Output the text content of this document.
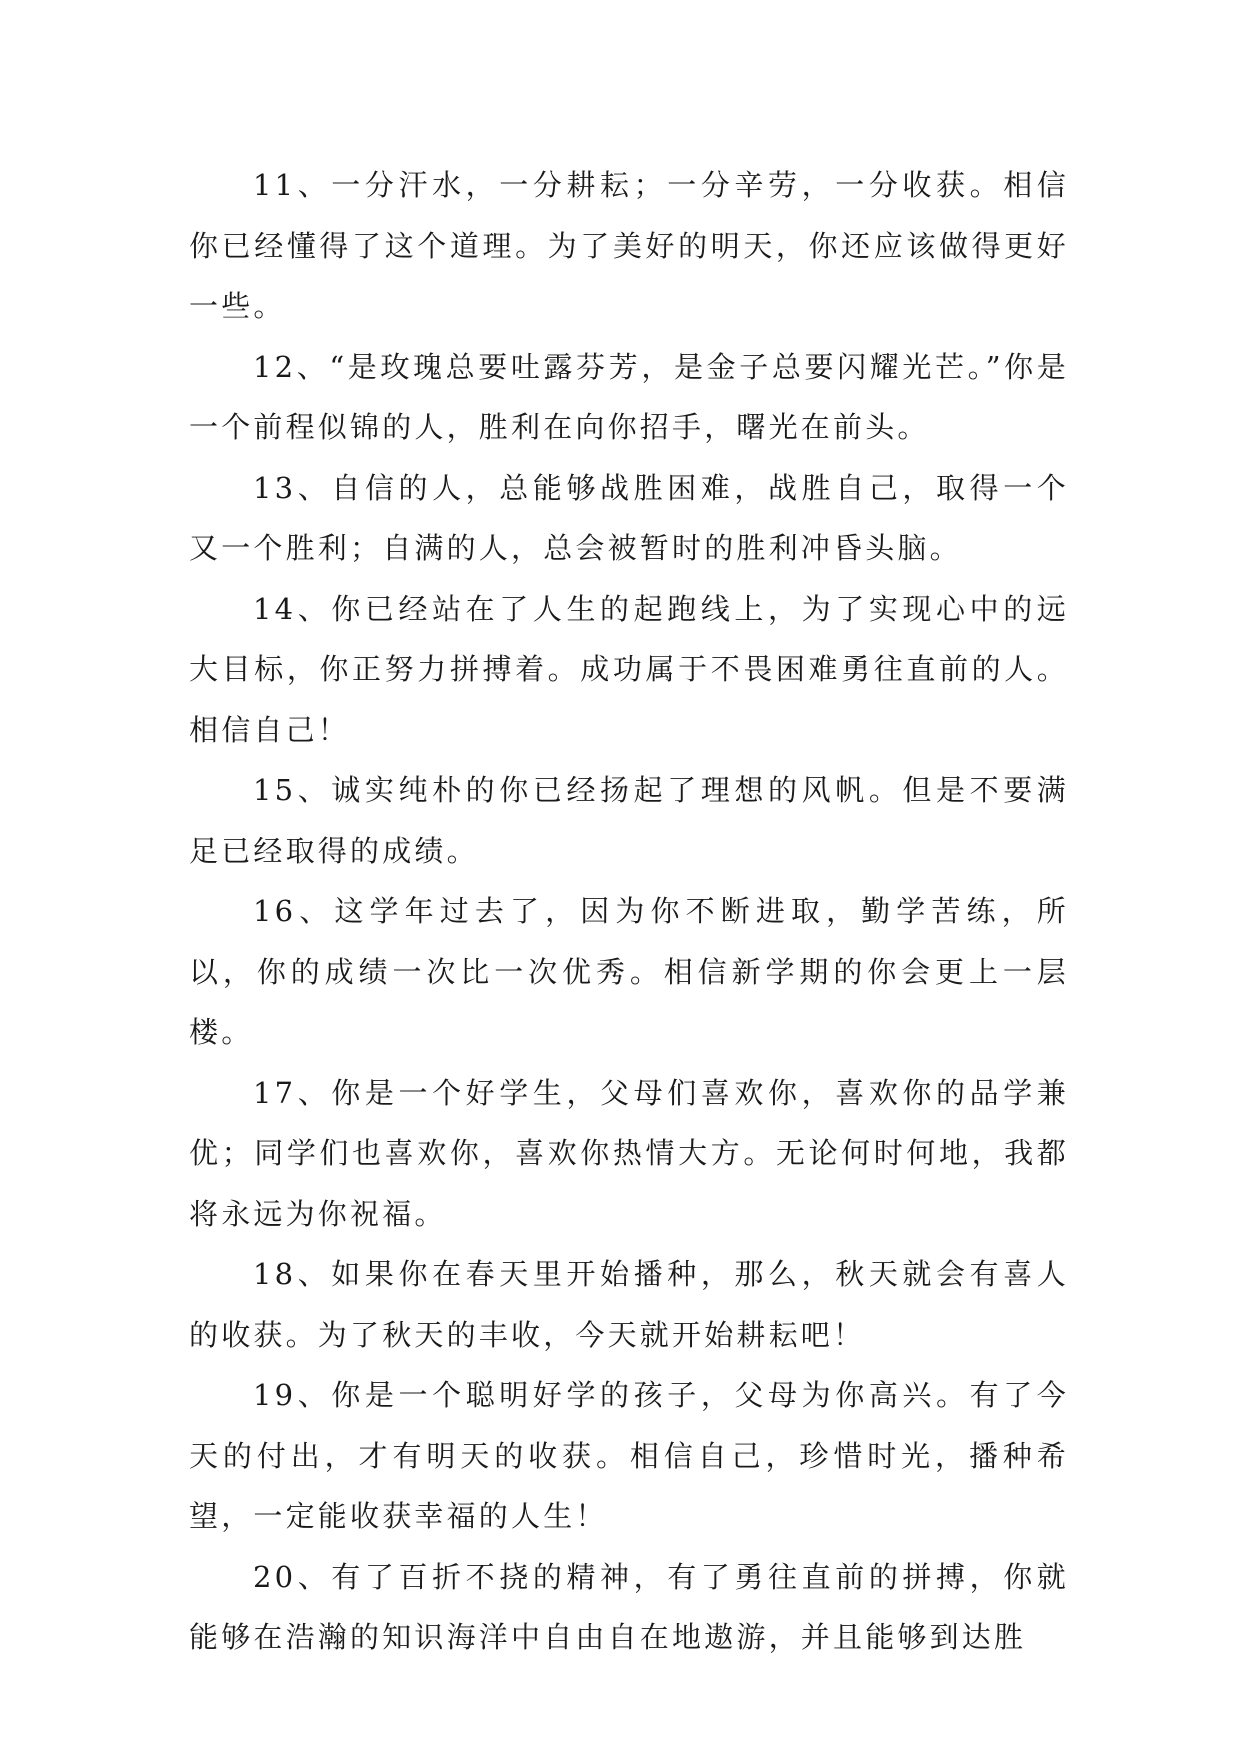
11、一分汗水，一分耕耘；一分辛劳，一分收获。相信你已经懂得了这个道理。为了美好的明天，你还应该做得更好一些。

12、“是玫瑰总要吐露芬芳，是金子总要闪耀光芒。”你是一个前程似锦的人，胜利在向你招手，曙光在前头。

13、自信的人，总能够战胜困难，战胜自己，取得一个又一个胜利；自满的人，总会被暂时的胜利冲昏头脑。

14、你已经站在了人生的起跑线上，为了实现心中的远大目标，你正努力拼搏着。成功属于不畏困难勇往直前的人。相信自己！

15、诚实纯朴的你已经扬起了理想的风帆。但是不要满足已经取得的成绩。

16、这学年过去了，因为你不断进取，勤学苦练，所以，你的成绩一次比一次优秀。相信新学期的你会更上一层楼。

17、你是一个好学生，父母们喜欢你，喜欢你的品学兼优；同学们也喜欢你，喜欢你热情大方。无论何时何地，我都将永远为你祝福。

18、如果你在春天里开始播种，那么，秋天就会有喜人的收获。为了秋天的丰收，今天就开始耕耘吧！

19、你是一个聪明好学的孩子，父母为你高兴。有了今天的付出，才有明天的收获。相信自己，珍惜时光，播种希望，一定能收获幸福的人生！

20、有了百折不挠的精神，有了勇往直前的拼搏，你就能够在浩瀚的知识海洋中自由自在地遨游，并且能够到达胜
